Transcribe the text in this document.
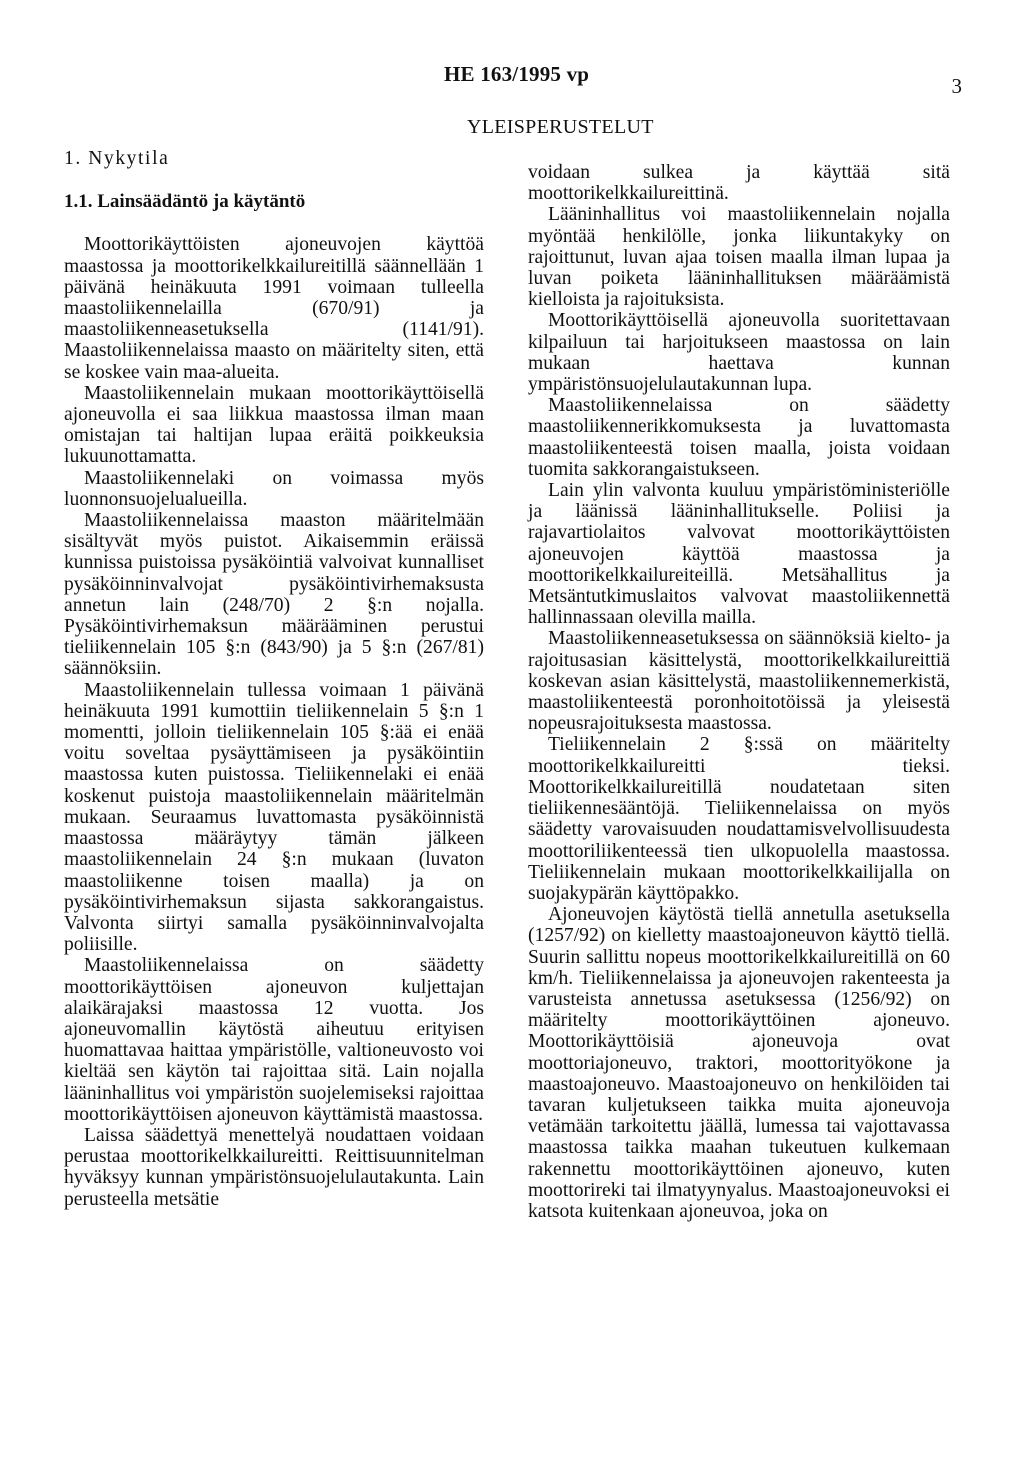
HE 163/1995 vp	3
YLEISPERUSTELUT
1. Nykytila
1.1. Lainsäädäntö ja käytäntö

Moottorikäyttöisten ajoneuvojen käyttöä maastossa ja moottorikelkkailureitillä säännellään 1 päivänä heinäkuuta 1991 voimaan tulleella maastoliikennelailla (670/91) ja maastoliikenneasetuksella (1141/91). Maastoliikennelaissa maasto on määritelty siten, että se koskee vain maa-alueita.

Maastoliikennelain mukaan moottorikäyttöisellä ajoneuvolla ei saa liikkua maastossa ilman maan omistajan tai haltijan lupaa eräitä poikkeuksia lukuunottamatta.

Maastoliikennelaki on voimassa myös luonnonsuojelualueilla.

Maastoliikennelaissa maaston määritelmään sisältyvät myös puistot. Aikaisemmin eräissä kunnissa puistoissa pysäköintiä valvoivat kunnalliset pysäköinninvalvojat pysäköintivirhemaksusta annetun lain (248/70) 2 §:n nojalla. Pysäköintivirhemaksun määrääminen perustui tieliikennelain 105 §:n (843/90) ja 5 §:n (267/81) säännöksiin.

Maastoliikennelain tullessa voimaan 1 päivänä heinäkuuta 1991 kumottiin tieliikennelain 5 §:n 1 momentti, jolloin tieliikennelain 105 §:ää ei enää voitu soveltaa pysäyttämiseen ja pysäköintiin maastossa kuten puistossa. Tieliikennelaki ei enää koskenut puistoja maastoliikennelain määritelmän mukaan. Seuraamus luvattomasta pysäköinnistä maastossa määräytyy tämän jälkeen maastoliikennelain 24 §:n mukaan (luvaton maastoliikenne toisen maalla) ja on pysäköintivirhemaksun sijasta sakkorangaistus. Valvonta siirtyi samalla pysäköinninvalvojalta poliisille.

Maastoliikennelaissa on säädetty moottorikäyttöisen ajoneuvon kuljettajan alaikärajaksi maastossa 12 vuotta. Jos ajoneuvomallin käytöstä aiheutuu erityisen huomattavaa haittaa ympäristölle, valtioneuvosto voi kieltää sen käytön tai rajoittaa sitä. Lain nojalla lääninhallitus voi ympäristön suojelemiseksi rajoittaa moottorikäyttöisen ajoneuvon käyttämistä maastossa.

Laissa säädettyä menettelyä noudattaen voidaan perustaa moottorikelkkailureitti. Reittisuunnitelman hyväksyy kunnan ympäristönsuojelulautakunta. Lain perusteella metsätie

voidaan sulkea ja käyttää sitä moottorikelkkailureittinä.

Lääninhallitus voi maastoliikennelain nojalla myöntää henkilölle, jonka liikuntakyky on rajoittunut, luvan ajaa toisen maalla ilman lupaa ja luvan poiketa lääninhallituksen määräämistä kielloista ja rajoituksista.

Moottorikäyttöisellä ajoneuvolla suoritettavaan kilpailuun tai harjoitukseen maastossa on lain mukaan haettava kunnan ympäristönsuojelulautakunnan lupa.

Maastoliikennelaissa on säädetty maastoliikennerikkomuksesta ja luvattomasta maastoliikenteestä toisen maalla, joista voidaan tuomita sakkorangaistukseen.

Lain ylin valvonta kuuluu ympäristöministeriölle ja läänissä lääninhallitukselle. Poliisi ja rajavartiolaitos valvovat moottorikäyttöisten ajoneuvojen käyttöä maastossa ja moottorikelkkailureiteillä. Metsähallitus ja Metsäntutkimuslaitos valvovat maastoliikennettä hallinnassaan olevilla mailla.

Maastoliikenneasetuksessa on säännöksiä kielto- ja rajoitusasian käsittelystä, moottorikelkkailureittiä koskevan asian käsittelystä, maastoliikennemerkistä, maastoliikenteestä poronhoitotöissä ja yleisestä nopeusrajoituksesta maastossa.

Tieliikennelain 2 §:ssä on määritelty moottorikelkkailureitti tieksi. Moottorikelkkailureitillä noudatetaan siten tieliikennesääntöjä. Tieliikennelaissa on myös säädetty varovaisuuden noudattamisvelvollisuudesta moottoriliikenteessä tien ulkopuolella maastossa. Tieliikennelain mukaan moottorikelkkailijalla on suojakypärän käyttöpakko.

Ajoneuvojen käytöstä tiellä annetulla asetuksella (1257/92) on kielletty maastoajoneuvon käyttö tiellä. Suurin sallittu nopeus moottorikelkkailureitillä on 60 km/h. Tieliikennelaissa ja ajoneuvojen rakenteesta ja varusteista annetussa asetuksessa (1256/92) on määritelty moottorikäyttöinen ajoneuvo. Moottorikäyttöisiä ajoneuvoja ovat moottoriajoneuvo, traktori, moottorityökone ja maastoajoneuvo. Maastoajoneuvo on henkilöiden tai tavaran kuljetukseen taikka muita ajoneuvoja vetämään tarkoitettu jäällä, lumessa tai vajottavassa maastossa taikka maahan tukeutuen kulkemaan rakennettu moottorikäyttöinen ajoneuvo, kuten moottorireki tai ilmatyynyalus. Maastoajoneuvoksi ei katsota kuitenkaan ajoneuvoa, joka on
